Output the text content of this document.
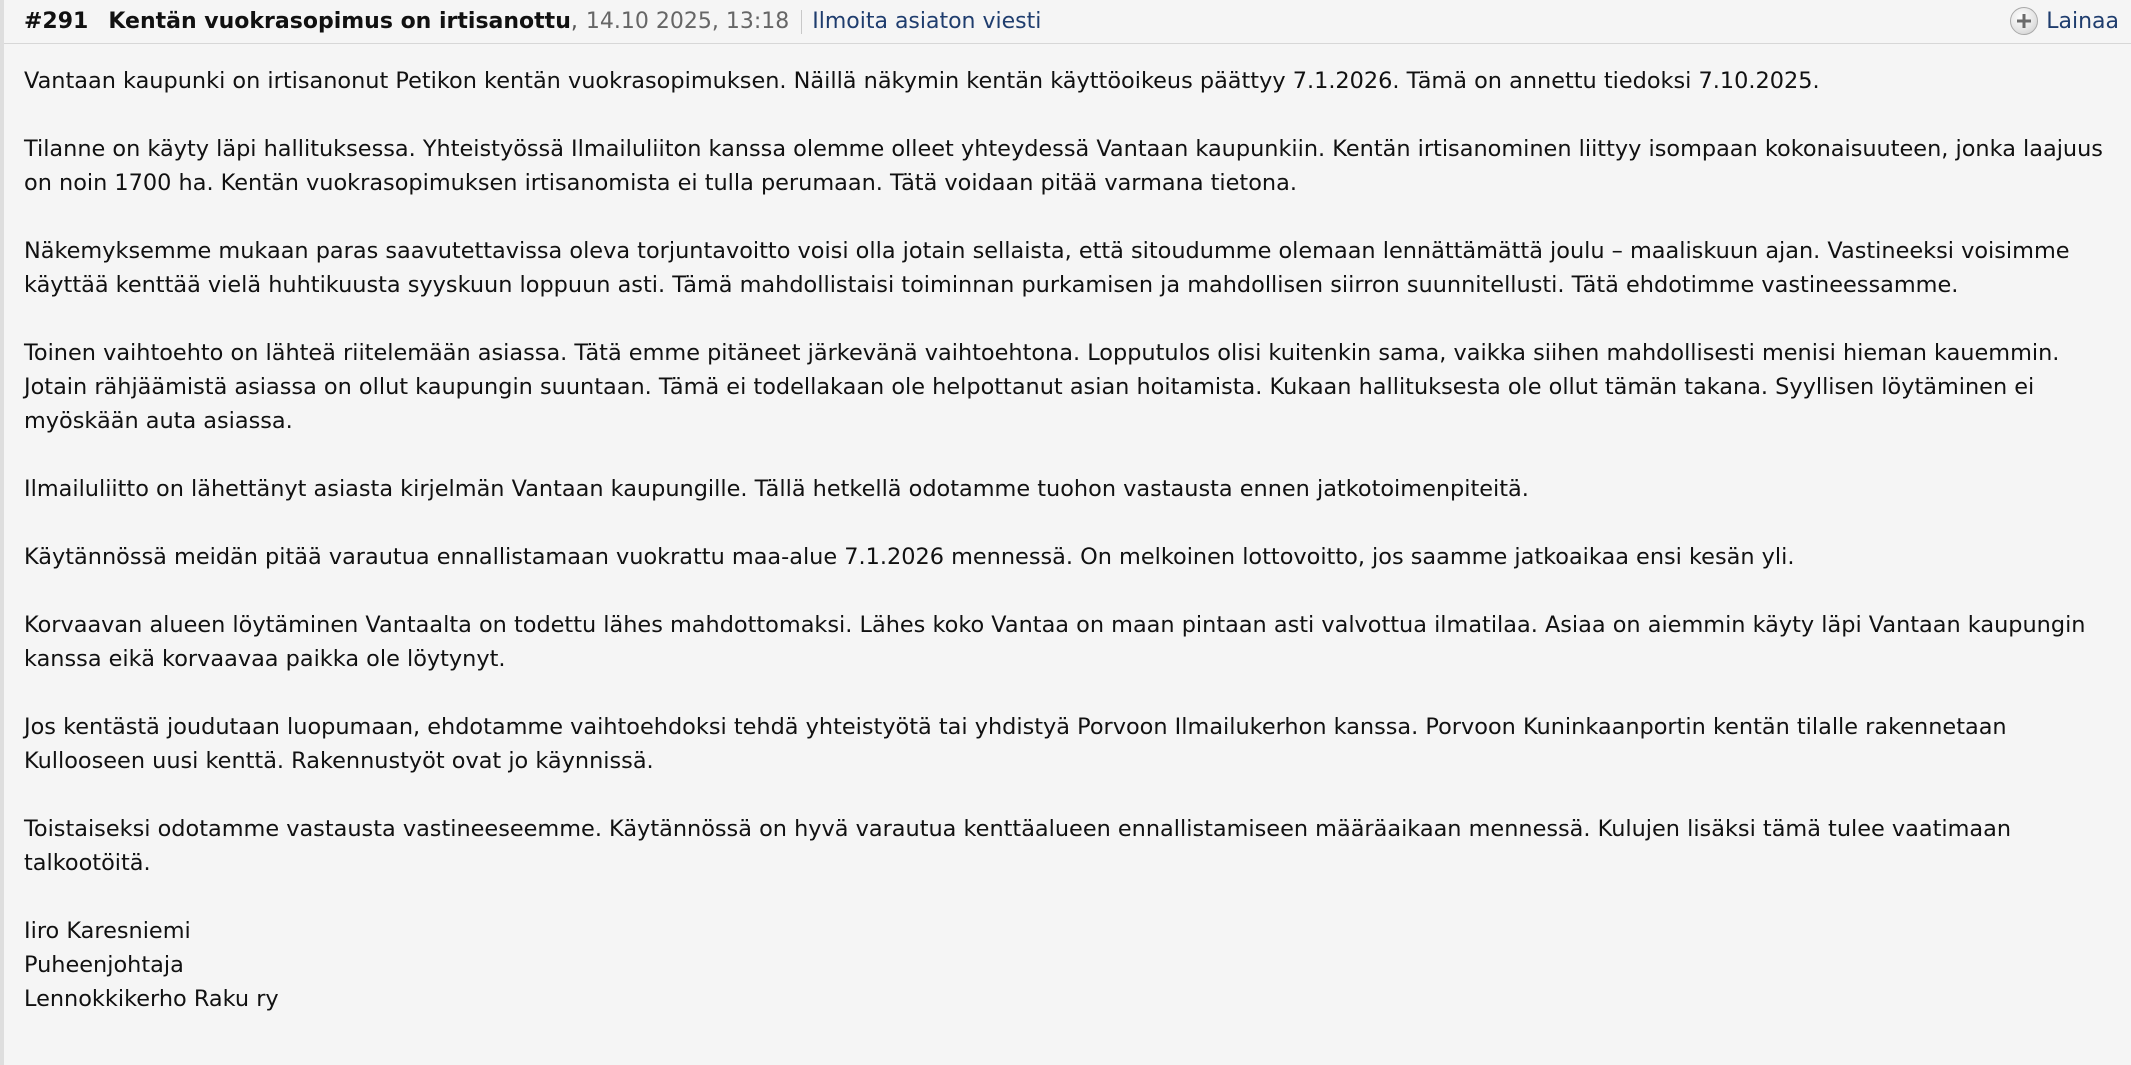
#291 Kentän vuokrasopimus on irtisanottu , 14.10 2025, 13:18 Ilmoita asiaton viesti	Lainaa

Vantaan kaupunki on irtisanonut Petikon kentän vuokrasopimuksen. Näillä näkymin kentän käyttöoikeus päättyy 7.1.2026. Tämä on annettu tiedoksi 7.10.2025.

Tilanne on käyty läpi hallituksessa. Yhteistyössä Ilmailuliiton kanssa olemme olleet yhteydessä Vantaan kaupunkiin. Kentän irtisanominen liittyy isompaan kokonaisuuteen, jonka laajuus on noin 1700 ha. Kentän vuokrasopimuksen irtisanomista ei tulla perumaan. Tätä voidaan pitää varmana tietona.

Näkemyksemme mukaan paras saavutettavissa oleva torjuntavoitto voisi olla jotain sellaista, että sitoudumme olemaan lennättämättä joulu – maaliskuun ajan. Vastineeksi voisimme käyttää kenttää vielä huhtikuusta syyskuun loppuun asti. Tämä mahdollistaisi toiminnan purkamisen ja mahdollisen siirron suunnitellusti. Tätä ehdotimme vastineessamme.

Toinen vaihtoehto on lähteä riitelemään asiassa. Tätä emme pitäneet järkevänä vaihtoehtona. Lopputulos olisi kuitenkin sama, vaikka siihen mahdollisesti menisi hieman kauemmin. Jotain rähjäämistä asiassa on ollut kaupungin suuntaan. Tämä ei todellakaan ole helpottanut asian hoitamista. Kukaan hallituksesta ole ollut tämän takana. Syyllisen löytäminen ei myöskään auta asiassa.

Ilmailuliitto on lähettänyt asiasta kirjelmän Vantaan kaupungille. Tällä hetkellä odotamme tuohon vastausta ennen jatkotoimenpiteitä.

Käytännössä meidän pitää varautua ennallistamaan vuokrattu maa-alue 7.1.2026 mennessä. On melkoinen lottovoitto, jos saamme jatkoaikaa ensi kesän yli.

Korvaavan alueen löytäminen Vantaalta on todettu lähes mahdottomaksi. Lähes koko Vantaa on maan pintaan asti valvottua ilmatilaa. Asiaa on aiemmin käyty läpi Vantaan kaupungin kanssa eikä korvaavaa paikka ole löytynyt.

Jos kentästä joudutaan luopumaan, ehdotamme vaihtoehdoksi tehdä yhteistyötä tai yhdistyä Porvoon Ilmailukerhon kanssa. Porvoon Kuninkaanportin kentän tilalle rakennetaan Kullooseen uusi kenttä. Rakennustyöt ovat jo käynnissä.

Toistaiseksi odotamme vastausta vastineeseemme. Käytännössä on hyvä varautua kenttäalueen ennallistamiseen määräaikaan mennessä. Kulujen lisäksi tämä tulee vaatimaan talkootöitä.

Iiro Karesniemi
Puheenjohtaja
Lennokkikerho Raku ry
